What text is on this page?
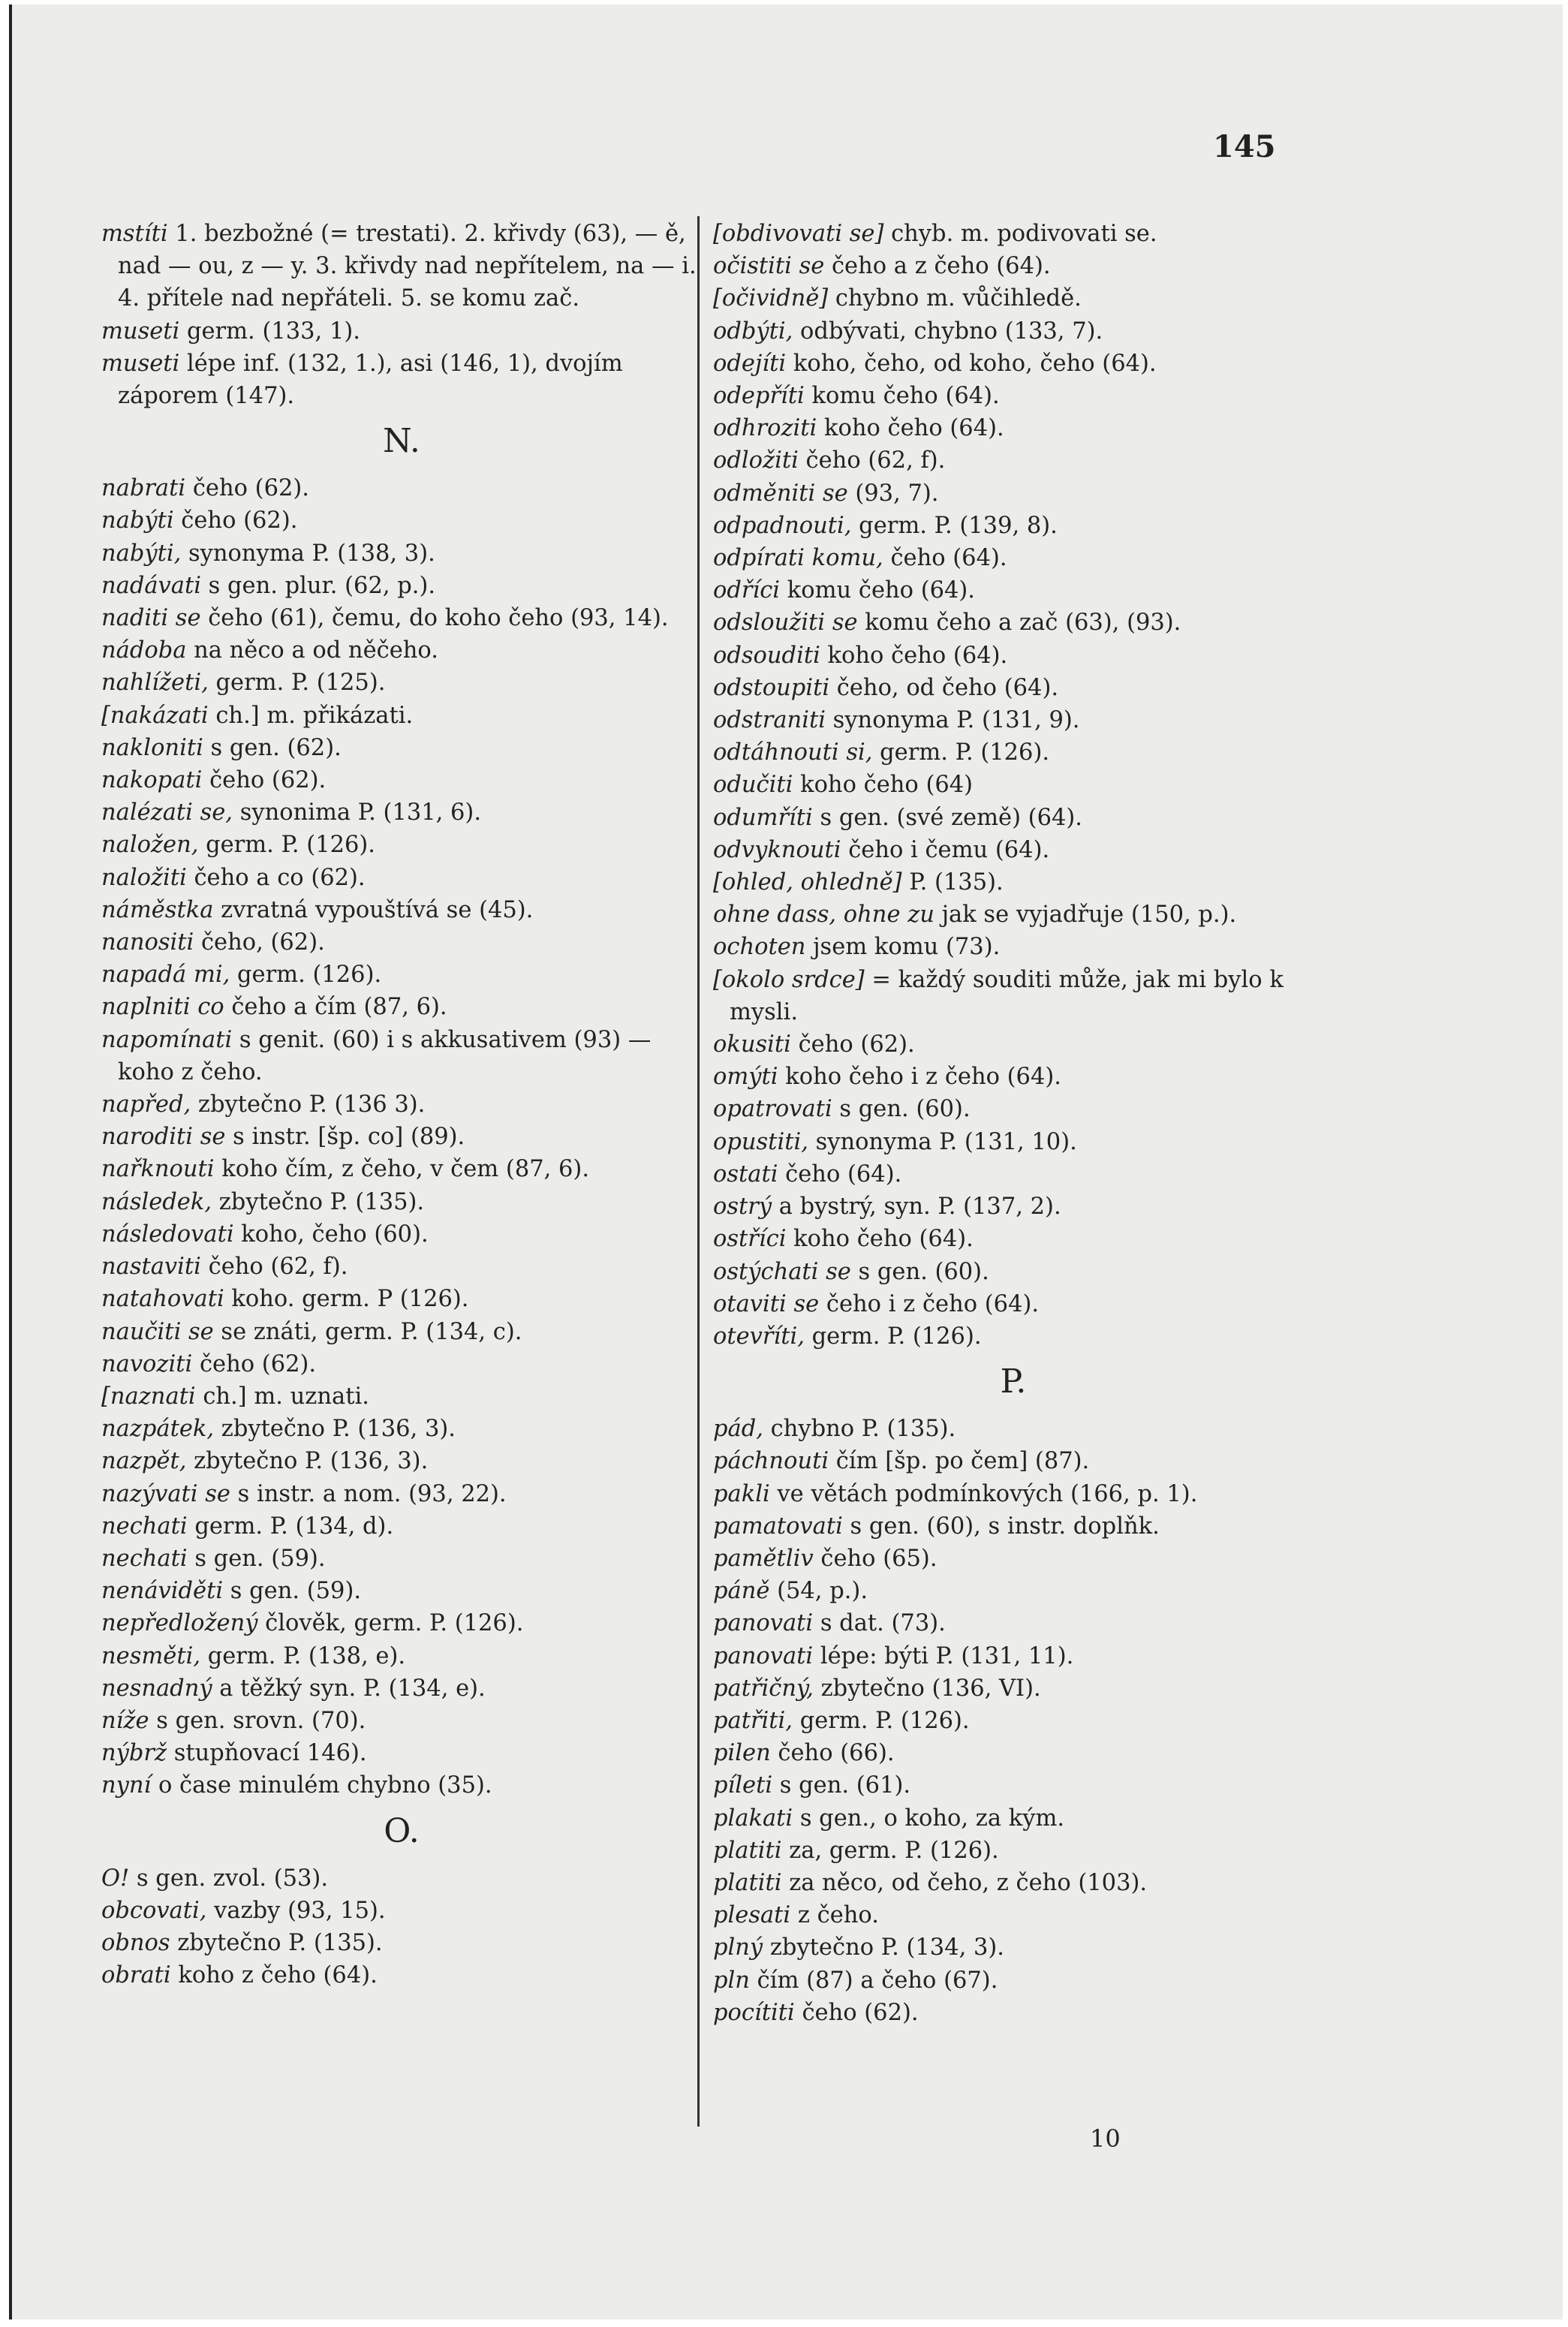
145

mstíti 1. bezbožné (= trestati). 2. křivdy (63), — ě, nad — ou, z — y. 3. křivdy nad nepřítelem, na — i. 4. přítele nad nepřáteli. 5. se komu zač.

museti germ. (133, 1).

museti lépe inf. (132, 1.), asi (146, 1), dvojím záporem (147).

N.

nabrati čeho (62).

nabýti čeho (62).

nabýti, synonyma P. (138, 3).

nadávati s gen. plur. (62, p.).

naditi se čeho (61), čemu, do koho čeho (93, 14).

nádoba na něco a od něčeho.

nahlížeti, germ. P. (125).

[nakázati ch.] m. přikázati.

nakloniti s gen. (62).

nakopati čeho (62).

nalézati se, synonima P. (131, 6).

naložen, germ. P. (126).

naložiti čeho a co (62).

náměstka zvratná vypouštívá se (45).

nanositi čeho, (62).

napadá mi, germ. (126).

naplniti co čeho a čím (87, 6).

napomínati s genit. (60) i s akkusativem (93) — koho z čeho.

napřed, zbytečno P. (136 3).

naroditi se s instr. [šp. co] (89).

nařknouti koho čím, z čeho, v čem (87, 6).

následek, zbytečno P. (135).

následovati koho, čeho (60).

nastaviti čeho (62, f).

natahovati koho. germ. P (126).

naučiti se se znáti, germ. P. (134, c).

navoziti čeho (62).

[naznati ch.] m. uznati.

nazpátek, zbytečno P. (136, 3).

nazpět, zbytečno P. (136, 3).

nazývati se s instr. a nom. (93, 22).

nechati germ. P. (134, d).

nechati s gen. (59).

nenáviděti s gen. (59).

nepředložený člověk, germ. P. (126).

nesměti, germ. P. (138, e).

nesnadný a těžký syn. P. (134, e).

níže s gen. srovn. (70).

nýbrž stupňovací 146).

nyní o čase minulém chybno (35).

O.

O! s gen. zvol. (53).

obcovati, vazby (93, 15).

obnos zbytečno P. (135).

obrati koho z čeho (64).

[obdivovati se] chyb. m. podivovati se.

očistiti se čeho a z čeho (64).

[očividně] chybno m. vůčihledě.

odbýti, odbývati, chybno (133, 7).

odejíti koho, čeho, od koho, čeho (64).

odepříti komu čeho (64).

odhroziti koho čeho (64).

odložiti čeho (62, f).

odměniti se (93, 7).

odpadnouti, germ. P. (139, 8).

odpírati komu, čeho (64).

odříci komu čeho (64).

odsloužiti se komu čeho a zač (63), (93).

odsouditi koho čeho (64).

odstoupiti čeho, od čeho (64).

odstraniti synonyma P. (131, 9).

odtáhnouti si, germ. P. (126).

odučiti koho čeho (64)

odumříti s gen. (své země) (64).

odvyknouti čeho i čemu (64).

[ohled, ohledně] P. (135).

ohne dass, ohne zu jak se vyjadřuje (150, p.).

ochoten jsem komu (73).

[okolo srdce] = každý souditi může, jak mi bylo k mysli.

okusiti čeho (62).

omýti koho čeho i z čeho (64).

opatrovati s gen. (60).

opustiti, synonyma P. (131, 10).

ostati čeho (64).

ostrý a bystrý, syn. P. (137, 2).

ostříci koho čeho (64).

ostýchati se s gen. (60).

otaviti se čeho i z čeho (64).

otevříti, germ. P. (126).

P.

pád, chybno P. (135).

páchnouti čím [šp. po čem] (87).

pakli ve větách podmínkových (166, p. 1).

pamatovati s gen. (60), s instr. doplňk.

pamětliv čeho (65).

páně (54, p.).

panovati s dat. (73).

panovati lépe: býti P. (131, 11).

patřičný, zbytečno (136, VI).

patřiti, germ. P. (126).

pilen čeho (66).

píleti s gen. (61).

plakati s gen., o koho, za kým.

platiti za, germ. P. (126).

platiti za něco, od čeho, z čeho (103).

plesati z čeho.

plný zbytečno P. (134, 3).

pln čím (87) a čeho (67).

pocítiti čeho (62).

10
